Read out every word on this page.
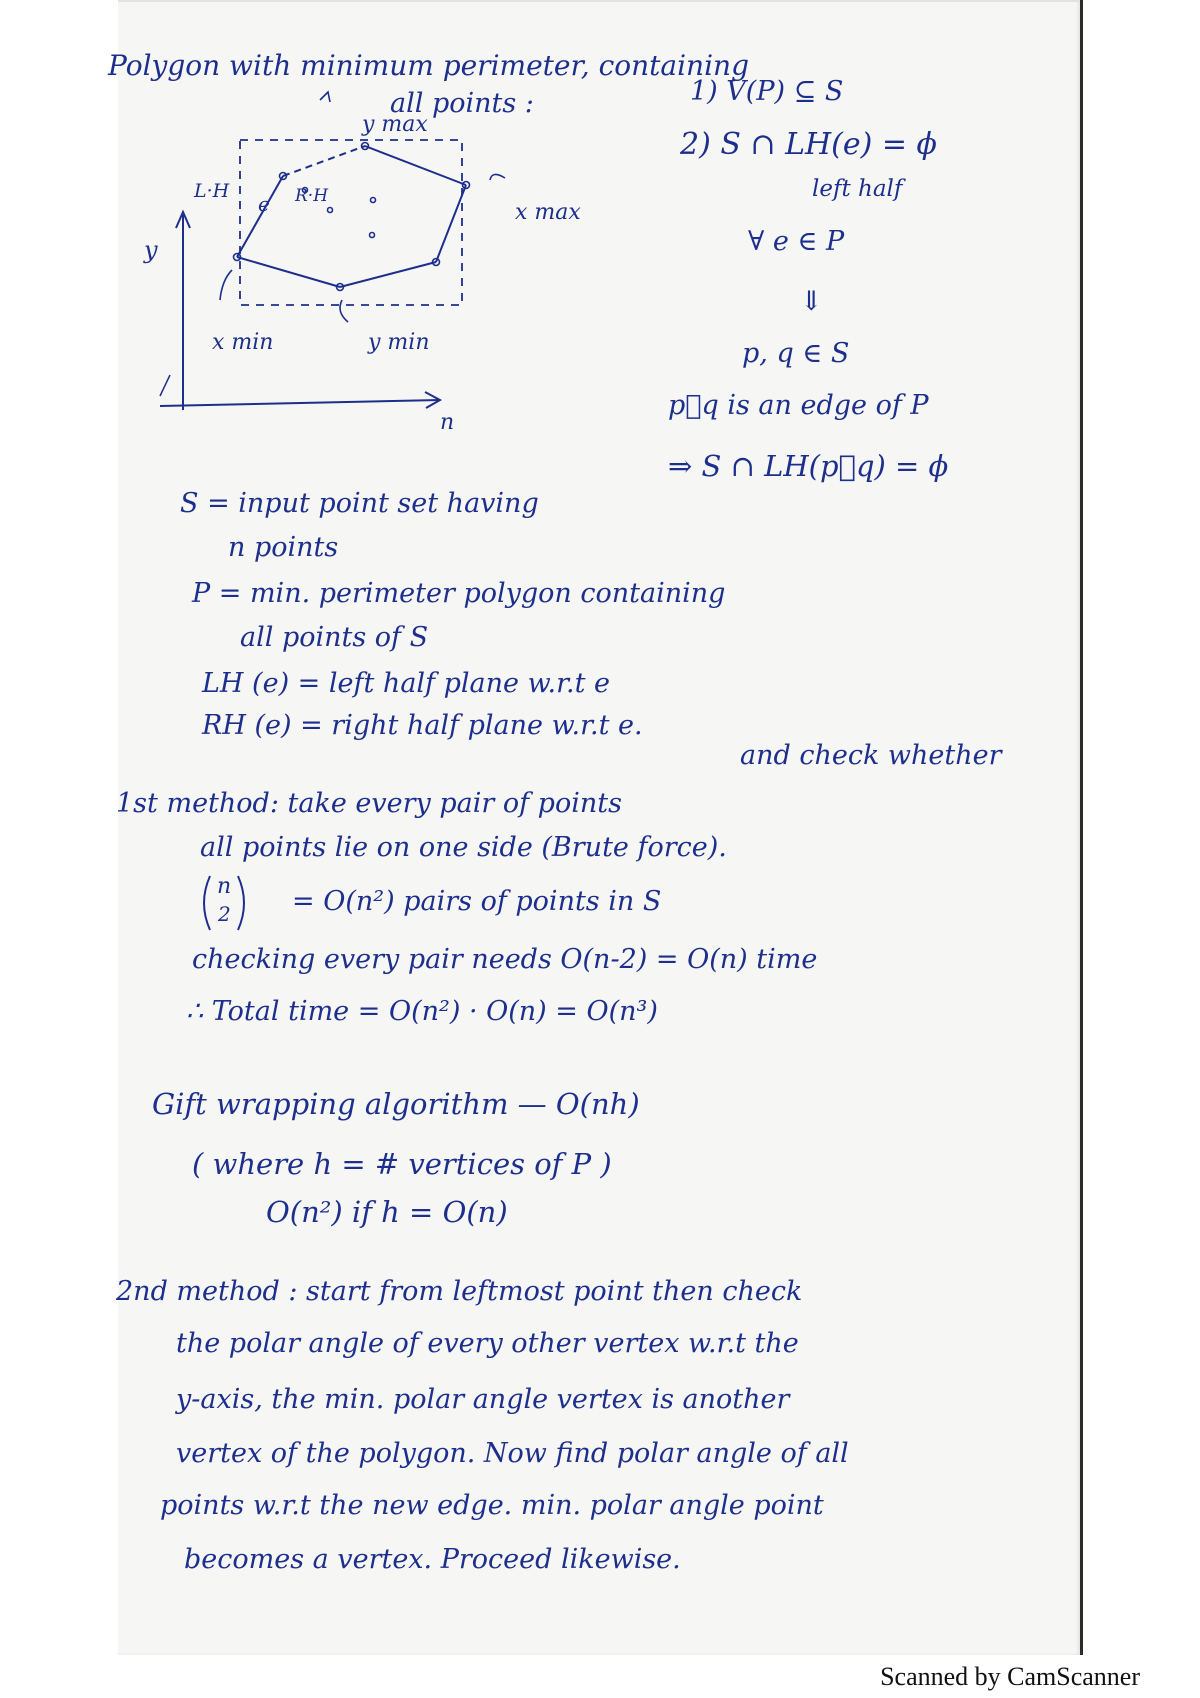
Polygon with minimum perimeter, containing
all points :
y max
x max
x min	y min
L·H	R·H
e
y
n
1) V(P) ⊆ S
2) S ∩ LH(e) = ϕ
left half
∀ e ∈ P
⇓
p, q ∈ S
p⃗q is an edge of P
⇒ S ∩ LH(p⃗q) = ϕ
S = input point set having
n points
P = min. perimeter polygon containing
all points of S
LH (e) = left half plane w.r.t e
RH (e) = right half plane w.r.t e.
and check whether
1st method: take every pair of points
all points lie on one side (Brute force).
n
2 = O(n²) pairs of points in S
checking every pair needs O(n-2) = O(n) time
∴ Total time = O(n²) · O(n) = O(n³)
Gift wrapping algorithm — O(nh)
( where h = # vertices of P )
O(n²) if h = O(n)
2nd method : start from leftmost point then check
the polar angle of every other vertex w.r.t the
y-axis, the min. polar angle vertex is another
vertex of the polygon. Now find polar angle of all
points w.r.t the new edge. min. polar angle point
becomes a vertex. Proceed likewise.
Scanned by CamScanner
